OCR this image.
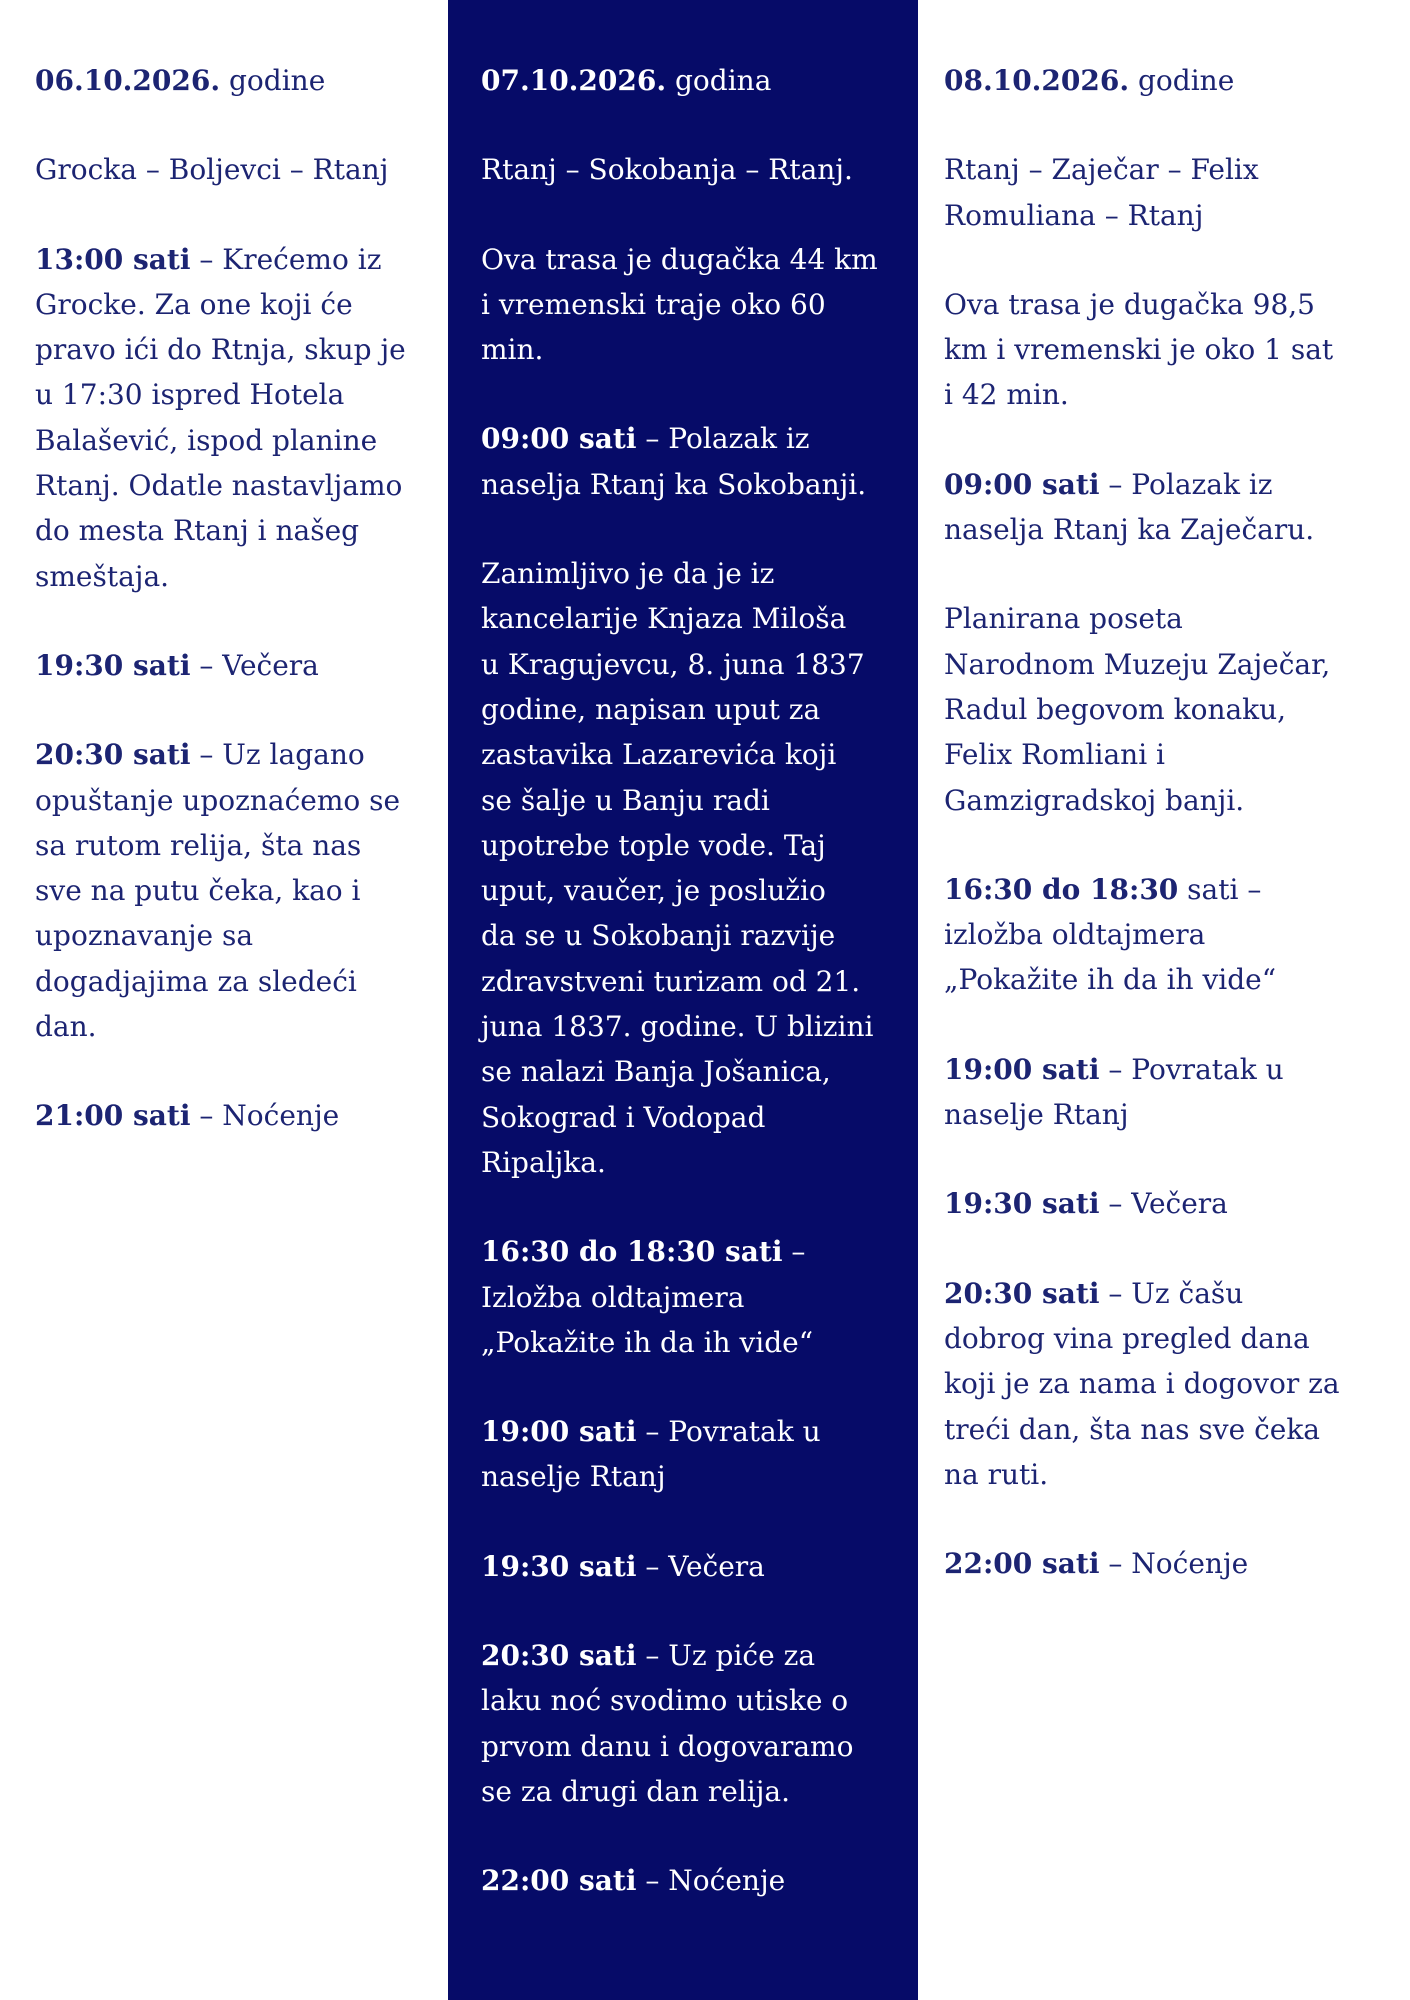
06.10.2026. godine

Grocka – Boljevci – Rtanj

13:00 sati – Krećemo iz
Grocke. Za one koji će
pravo ići do Rtnja, skup je
u 17:30 ispred Hotela
Balašević, ispod planine
Rtanj. Odatle nastavljamo
do mesta Rtanj i našeg
smeštaja.

19:30 sati – Večera

20:30 sati – Uz lagano
opuštanje upoznaćemo se
sa rutom relija, šta nas
sve na putu čeka, kao i
upoznavanje sa
dogadjajima za sledeći
dan.

21:00 sati – Noćenje

07.10.2026. godina

Rtanj – Sokobanja – Rtanj.

Ova trasa je dugačka 44 km
i vremenski traje oko 60
min.

09:00 sati – Polazak iz
naselja Rtanj ka Sokobanji.

Zanimljivo je da je iz
kancelarije Knjaza Miloša
u Kragujevcu, 8. juna 1837
godine, napisan uput za
zastavika Lazarevića koji
se šalje u Banju radi
upotrebe tople vode. Taj
uput, vaučer, je poslužio
da se u Sokobanji razvije
zdravstveni turizam od 21.
juna 1837. godine. U blizini
se nalazi Banja Jošanica,
Sokograd i Vodopad
Ripaljka.

16:30 do 18:30 sati –
Izložba oldtajmera
„Pokažite ih da ih vide“

19:00 sati – Povratak u
naselje Rtanj

19:30 sati – Večera

20:30 sati – Uz piće za
laku noć svodimo utiske o
prvom danu i dogovaramo
se za drugi dan relija.

22:00 sati – Noćenje

08.10.2026. godine

Rtanj – Zaječar – Felix
Romuliana – Rtanj

Ova trasa je dugačka 98,5
km i vremenski je oko 1 sat
i 42 min.

09:00 sati – Polazak iz
naselja Rtanj ka Zaječaru.

Planirana poseta
Narodnom Muzeju Zaječar,
Radul begovom konaku,
Felix Romliani i
Gamzigradskoj banji.

16:30 do 18:30 sati –
izložba oldtajmera
„Pokažite ih da ih vide“

19:00 sati – Povratak u
naselje Rtanj

19:30 sati – Večera

20:30 sati – Uz čašu
dobrog vina pregled dana
koji je za nama i dogovor za
treći dan, šta nas sve čeka
na ruti.

22:00 sati – Noćenje
